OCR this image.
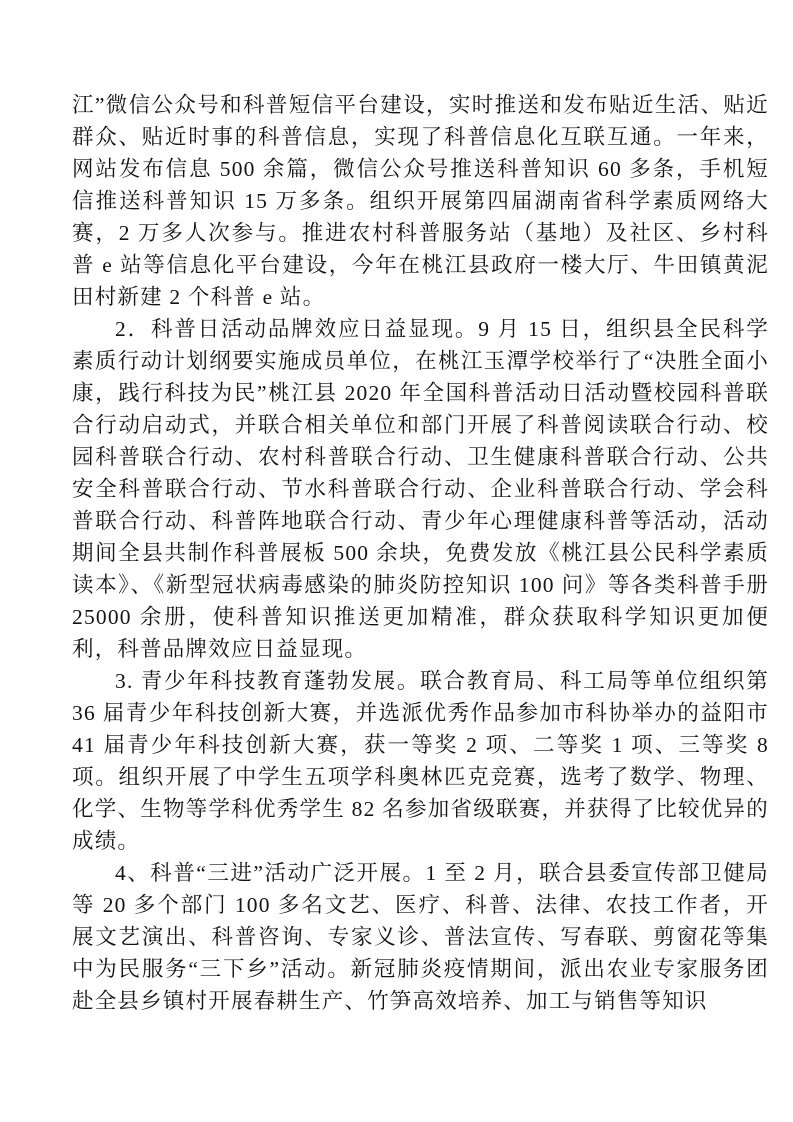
江”微信公众号和科普短信平台建设，实时推送和发布贴近生活、贴近群众、贴近时事的科普信息，实现了科普信息化互联互通。一年来，网站发布信息 500 余篇，微信公众号推送科普知识 60 多条，手机短信推送科普知识 15 万多条。组织开展第四届湖南省科学素质网络大赛，2 万多人次参与。推进农村科普服务站（基地）及社区、乡村科普 e 站等信息化平台建设，今年在桃江县政府一楼大厅、牛田镇黄泥田村新建 2 个科普 e 站。

2．科普日活动品牌效应日益显现。9 月 15 日，组织县全民科学素质行动计划纲要实施成员单位，在桃江玉潭学校举行了“决胜全面小康，践行科技为民”桃江县 2020 年全国科普活动日活动暨校园科普联合行动启动式，并联合相关单位和部门开展了科普阅读联合行动、校园科普联合行动、农村科普联合行动、卫生健康科普联合行动、公共安全科普联合行动、节水科普联合行动、企业科普联合行动、学会科普联合行动、科普阵地联合行动、青少年心理健康科普等活动，活动期间全县共制作科普展板 500 余块，免费发放《桃江县公民科学素质读本》、《新型冠状病毒感染的肺炎防控知识 100 问》等各类科普手册 25000 余册，使科普知识推送更加精准，群众获取科学知识更加便利，科普品牌效应日益显现。

3. 青少年科技教育蓬勃发展。联合教育局、科工局等单位组织第 36 届青少年科技创新大赛，并选派优秀作品参加市科协举办的益阳市 41 届青少年科技创新大赛，获一等奖 2 项、二等奖 1 项、三等奖 8 项。组织开展了中学生五项学科奥林匹克竞赛，选考了数学、物理、化学、生物等学科优秀学生 82 名参加省级联赛，并获得了比较优异的成绩。

4、科普“三进”活动广泛开展。1 至 2 月，联合县委宣传部卫健局等 20 多个部门 100 多名文艺、医疗、科普、法律、农技工作者，开展文艺演出、科普咨询、专家义诊、普法宣传、写春联、剪窗花等集中为民服务“三下乡”活动。新冠肺炎疫情期间，派出农业专家服务团赴全县乡镇村开展春耕生产、竹笋高效培养、加工与销售等知识
